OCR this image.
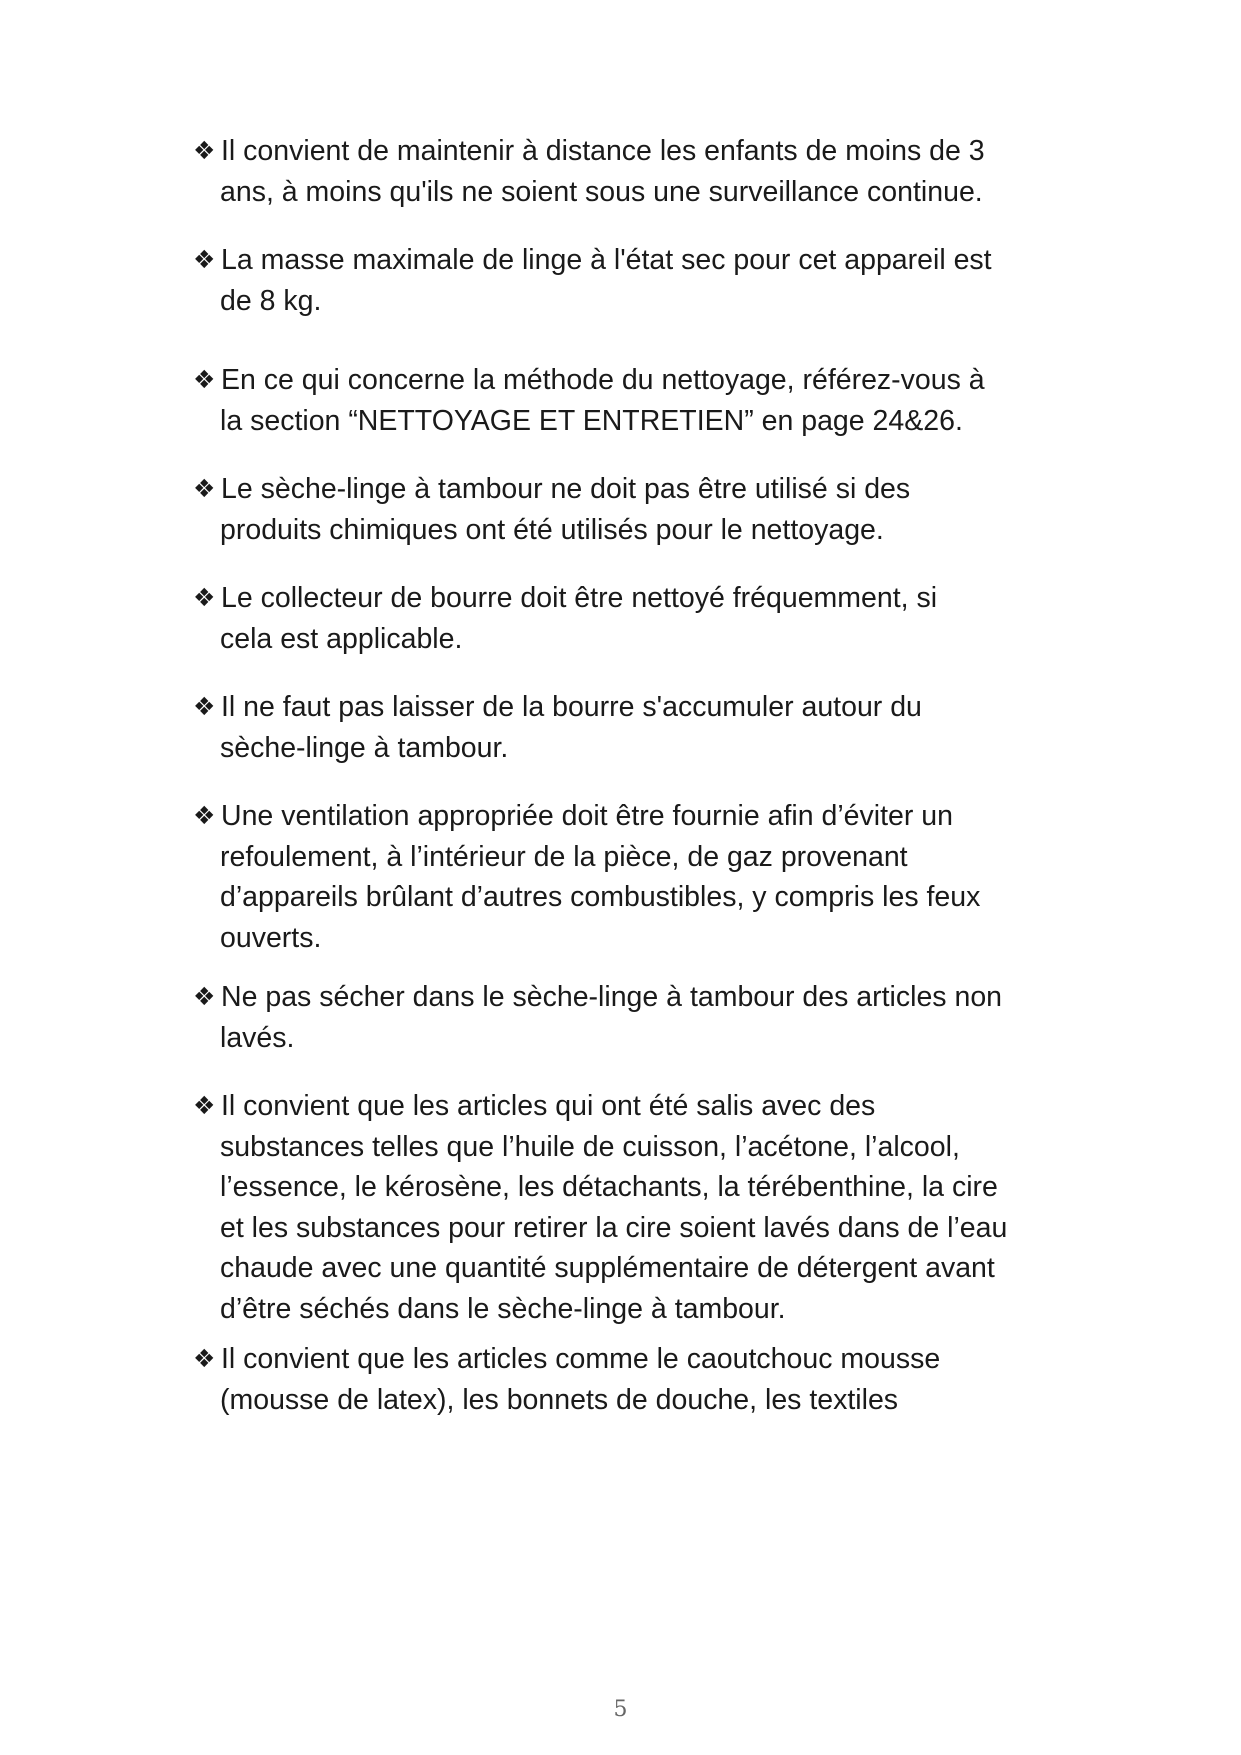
❖ Il convient de maintenir à distance les enfants de moins de 3
ans, à moins qu'ils ne soient sous une surveillance continue.
❖ La masse maximale de linge à l'état sec pour cet appareil est
de 8 kg.
❖ En ce qui concerne la méthode du nettoyage, référez-vous à
la section “NETTOYAGE ET ENTRETIEN” en page 24&26.
❖ Le sèche-linge à tambour ne doit pas être utilisé si des
produits chimiques ont été utilisés pour le nettoyage.
❖ Le collecteur de bourre doit être nettoyé fréquemment, si
cela est applicable.
❖ Il ne faut pas laisser de la bourre s'accumuler autour du
sèche-linge à tambour.
❖ Une ventilation appropriée doit être fournie afin d’éviter un
refoulement, à l’intérieur de la pièce, de gaz provenant
d’appareils brûlant d’autres combustibles, y compris les feux
ouverts.
❖ Ne pas sécher dans le sèche-linge à tambour des articles non
lavés.
❖ Il convient que les articles qui ont été salis avec des
substances telles que l’huile de cuisson, l’acétone, l’alcool,
l’essence, le kérosène, les détachants, la térébenthine, la cire
et les substances pour retirer la cire soient lavés dans de l’eau
chaude avec une quantité supplémentaire de détergent avant
d’être séchés dans le sèche-linge à tambour.
❖ Il convient que les articles comme le caoutchouc mousse
(mousse de latex), les bonnets de douche, les textiles
5
